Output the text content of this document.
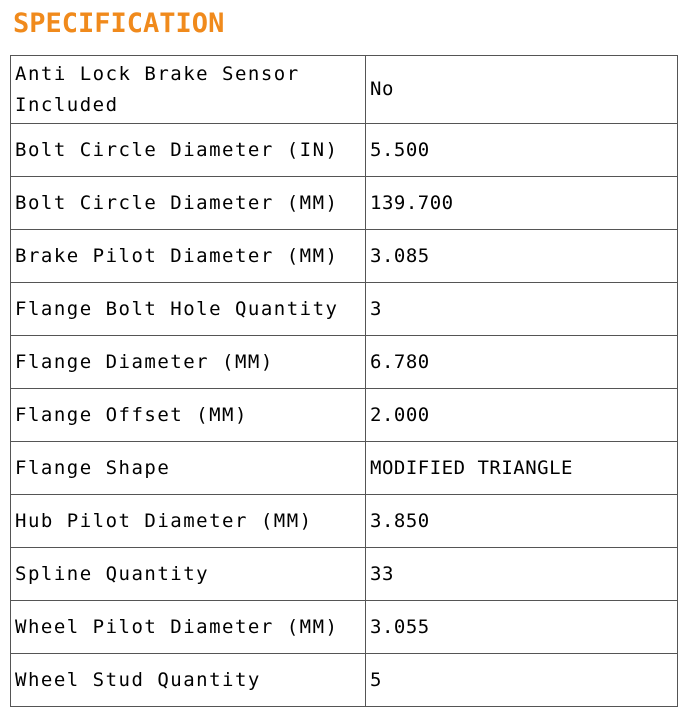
SPECIFICATION
Anti Lock Brake Sensor Included	No
Bolt Circle Diameter (IN)	5.500
Bolt Circle Diameter (MM)	139.700
Brake Pilot Diameter (MM)	3.085
Flange Bolt Hole Quantity	3
Flange Diameter (MM)	6.780
Flange Offset (MM)	2.000
Flange Shape	MODIFIED TRIANGLE
Hub Pilot Diameter (MM)	3.850
Spline Quantity	33
Wheel Pilot Diameter (MM)	3.055
Wheel Stud Quantity	5
